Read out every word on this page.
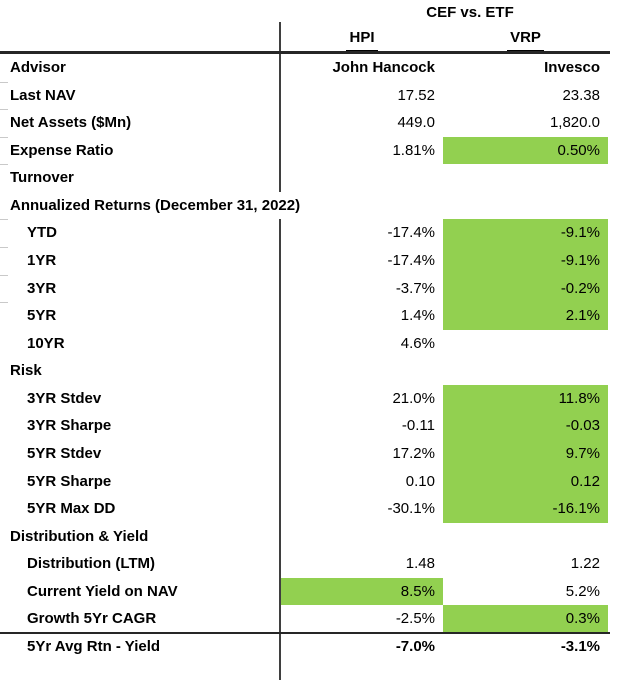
CEF vs. ETF
HPI	VRP
Advisor	John Hancock	Invesco
Last NAV	17.52	23.38
Net Assets ($Mn)	449.0	1,820.0
Expense Ratio	1.81%	0.50%
Turnover
Annualized Returns (December 31, 2022)
YTD	-17.4%	-9.1%
1YR	-17.4%	-9.1%
3YR	-3.7%	-0.2%
5YR	1.4%	2.1%
10YR	4.6%
Risk
3YR Stdev	21.0%	11.8%
3YR Sharpe	-0.11	-0.03
5YR Stdev	17.2%	9.7%
5YR Sharpe	0.10	0.12
5YR Max DD	-30.1%	-16.1%
Distribution & Yield
Distribution (LTM)	1.48	1.22
Current Yield on NAV	8.5%	5.2%
Growth 5Yr CAGR	-2.5%	0.3%
5Yr Avg Rtn - Yield	-7.0%	-3.1%
